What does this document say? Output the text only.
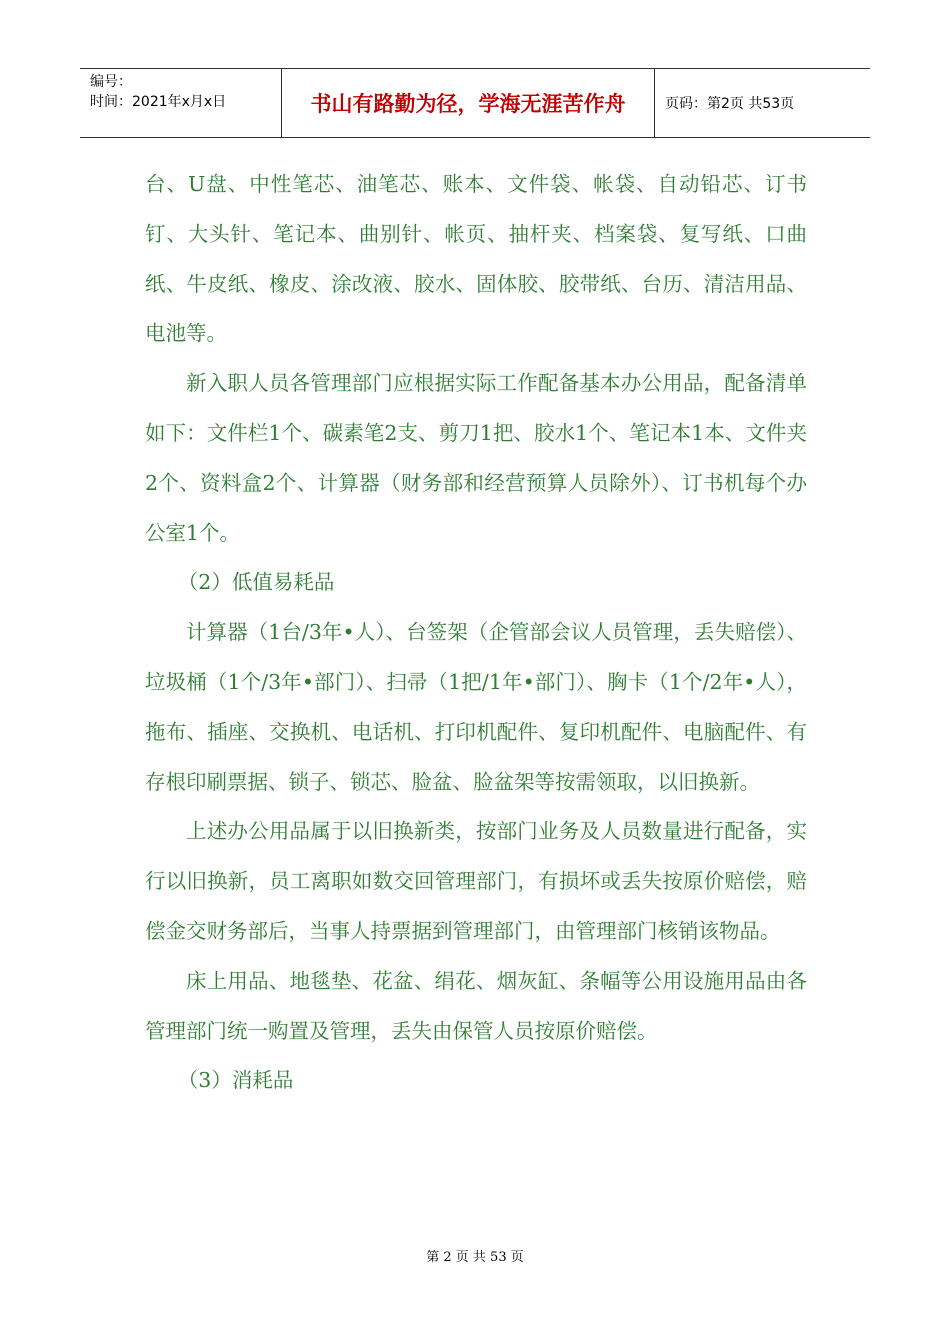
编号：
时间：2021年x月x日	书山有路勤为径，学海无涯苦作舟	页码：第2页 共53页

台、U盘、中性笔芯、油笔芯、账本、文件袋、帐袋、自动铅芯、订书钉、大头针、笔记本、曲别针、帐页、抽杆夹、档案袋、复写纸、口曲纸、牛皮纸、橡皮、涂改液、胶水、固体胶、胶带纸、台历、清洁用品、电池等。

新入职人员各管理部门应根据实际工作配备基本办公用品，配备清单如下：文件栏1个、碳素笔2支、剪刀1把、胶水1个、笔记本1本、文件夹2个、资料盒2个、计算器（财务部和经营预算人员除外）、订书机每个办公室1个。

（2）低值易耗品

计算器（1台/3年•人）、台签架（企管部会议人员管理，丢失赔偿）、垃圾桶（1个/3年•部门）、扫帚（1把/1年•部门）、胸卡（1个/2年•人），拖布、插座、交换机、电话机、打印机配件、复印机配件、电脑配件、有存根印刷票据、锁子、锁芯、脸盆、脸盆架等按需领取，以旧换新。

上述办公用品属于以旧换新类，按部门业务及人员数量进行配备，实行以旧换新，员工离职如数交回管理部门，有损坏或丢失按原价赔偿，赔偿金交财务部后，当事人持票据到管理部门，由管理部门核销该物品。

床上用品、地毯垫、花盆、绢花、烟灰缸、条幅等公用设施用品由各管理部门统一购置及管理，丢失由保管人员按原价赔偿。

（3）消耗品

第 2 页 共 53 页
